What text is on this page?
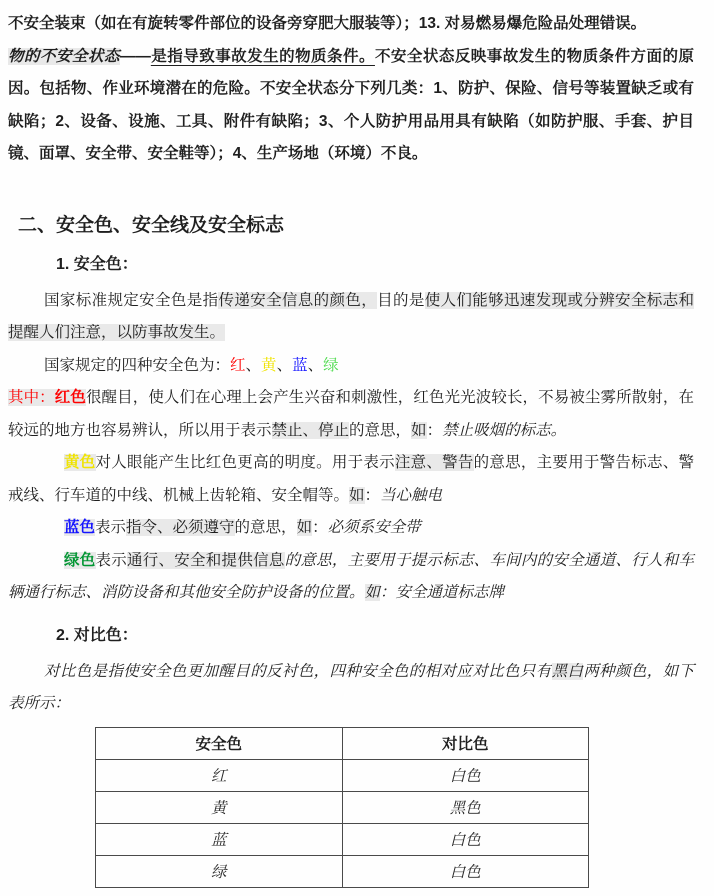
不安全装束（如在有旋转零件部位的设备旁穿肥大服装等）；13. 对易燃易爆危险品处理错误。

物的不安全状态——是指导致事故发生的物质条件。不安全状态反映事故发生的物质条件方面的原因。包括物、作业环境潜在的危险。不安全状态分下列几类：1、防护、保险、信号等装置缺乏或有缺陷；2、设备、设施、工具、附件有缺陷；3、个人防护用品用具有缺陷（如防护服、手套、护目镜、面罩、安全带、安全鞋等）；4、生产场地（环境）不良。

二、安全色、安全线及安全标志
1. 安全色：

国家标准规定安全色是指传递安全信息的颜色，目的是使人们能够迅速发现或分辨安全标志和提醒人们注意，以防事故发生。

国家规定的四种安全色为：红、黄、蓝、绿

其中：红色很醒目，使人们在心理上会产生兴奋和刺激性，红色光光波较长，不易被尘雾所散射，在较远的地方也容易辨认，所以用于表示禁止、停止的意思，如：禁止吸烟的标志。

黄色对人眼能产生比红色更高的明度。用于表示注意、警告的意思，主要用于警告标志、警戒线、行车道的中线、机械上齿轮箱、安全帽等。如：当心触电

蓝色表示指令、必须遵守的意思，如：必须系安全带

绿色表示通行、安全和提供信息的意思，主要用于提示标志、车间内的安全通道、行人和车辆通行标志、消防设备和其他安全防护设备的位置。如：安全通道标志牌

2. 对比色：

对比色是指使安全色更加醒目的反衬色，四种安全色的相对应对比色只有黑白两种颜色，如下表所示：

安全色	对比色
红	白色
黄	黑色
蓝	白色
绿	白色
